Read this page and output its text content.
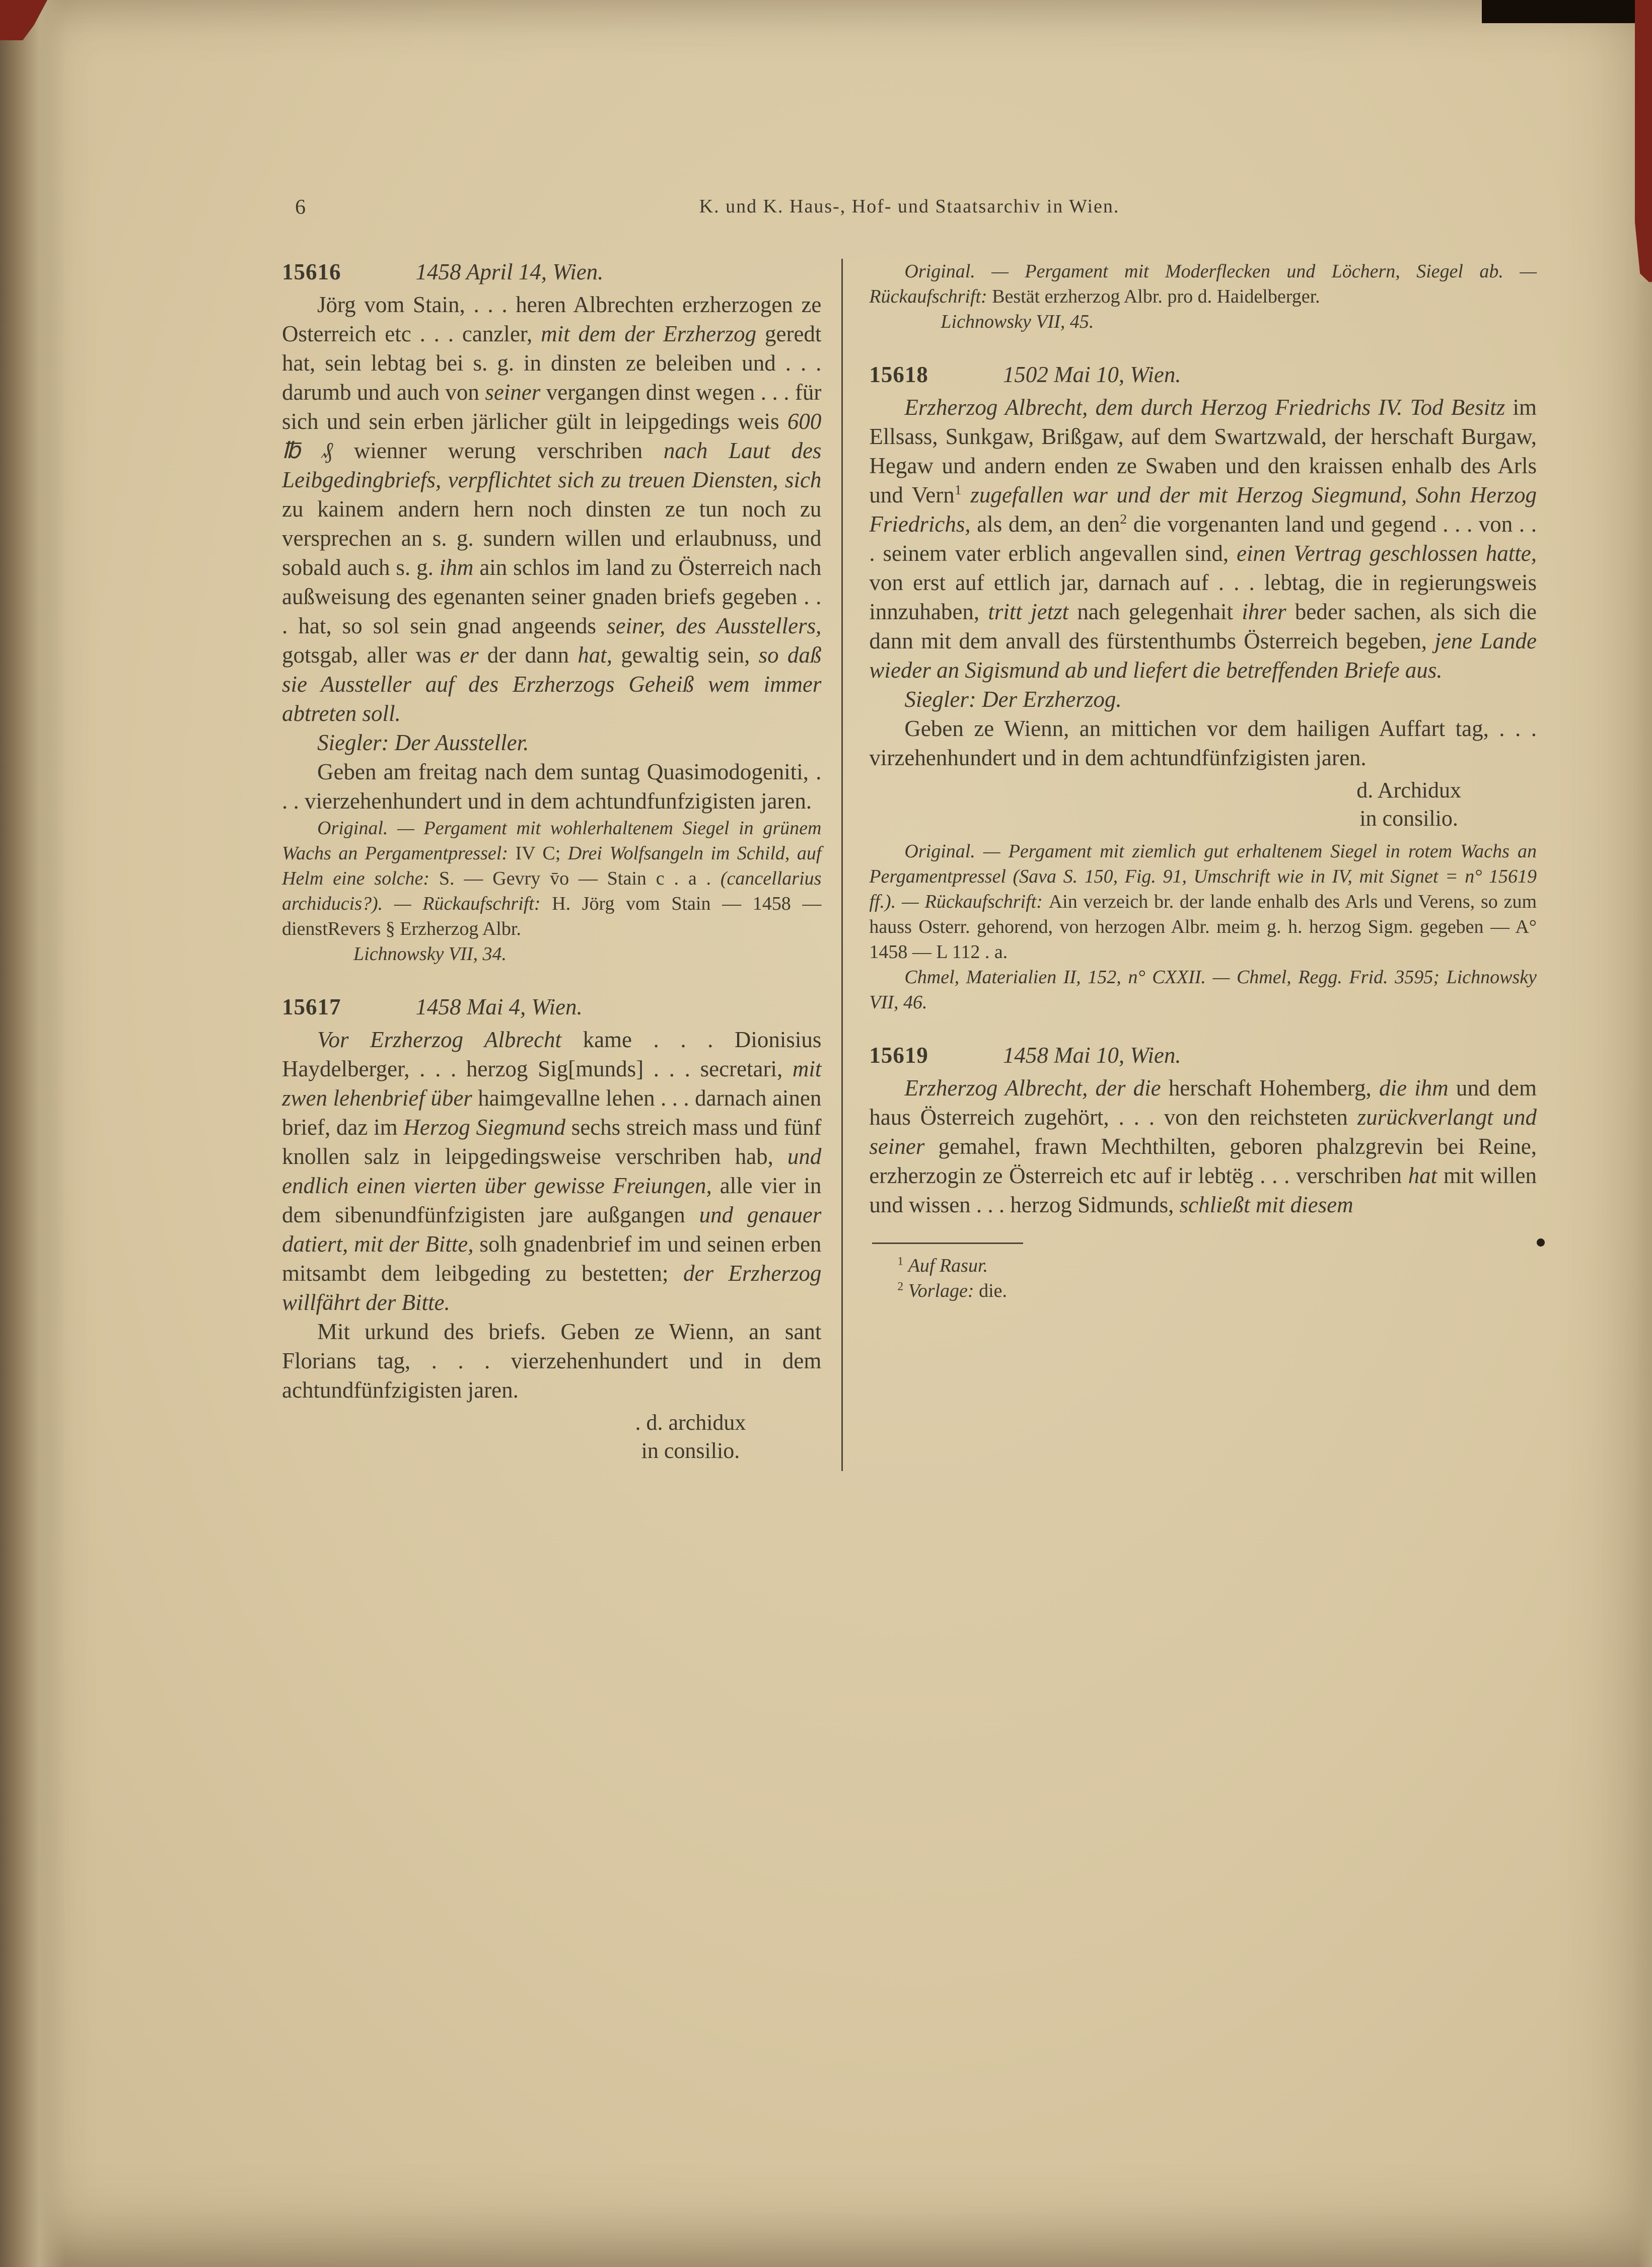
6	K. und K. Haus-, Hof- und Staatsarchiv in Wien.
15616	1458 April 14, Wien.

Jörg vom Stain, . . . heren Albrechten erzherzogen ze Osterreich etc . . . canzler, mit dem der Erzherzog geredt hat, sein lebtag bei s. g. in dinsten ze beleiben und . . . darumb und auch von seiner vergangen dinst wegen . . . für sich und sein erben järlicher gült in leipgedings weis 600 ℔ ₰ wienner werung verschriben nach Laut des Leibgedingbriefs, verpflichtet sich zu treuen Diensten, sich zu kainem andern hern noch dinsten ze tun noch zu versprechen an s. g. sundern willen und erlaubnuss, und sobald auch s. g. ihm ain schlos im land zu Österreich nach außweisung des egenanten seiner gnaden briefs gegeben . . . hat, so sol sein gnad angeends seiner, des Ausstellers, gotsgab, aller was er der dann hat, gewaltig sein, so daß sie Aussteller auf des Erzherzogs Geheiß wem immer abtreten soll.

Siegler: Der Aussteller.

Geben am freitag nach dem suntag Quasimodogeniti, . . . vierzehenhundert und in dem achtundfunfzigisten jaren.

Original. — Pergament mit wohlerhaltenem Siegel in grünem Wachs an Pergamentpressel: IV C; Drei Wolfsangeln im Schild, auf Helm eine solche: S. — Gevry v̄o — Stain c . a . (cancellarius archiducis?). — Rückaufschrift: H. Jörg vom Stain — 1458 — dienstRevers § Erzherzog Albr.

Lichnowsky VII, 34.

15617	1458 Mai 4, Wien.

Vor Erzherzog Albrecht kame . . . Dionisius Haydelberger, . . . herzog Sig[munds] . . . secretari, mit zwen lehenbrief über haimgevallne lehen . . . darnach ainen brief, daz im Herzog Siegmund sechs streich mass und fünf knollen salz in leipgedingsweise verschriben hab, und endlich einen vierten über gewisse Freiungen, alle vier in dem sibenundfünfzigisten jare außgangen und genauer datiert, mit der Bitte, solh gnadenbrief im und seinen erben mitsambt dem leibgeding zu bestetten; der Erzherzog willfährt der Bitte.

Mit urkund des briefs. Geben ze Wienn, an sant Florians tag, . . . vierzehenhundert und in dem achtundfünfzigisten jaren.

. d. archidux
in consilio.

Original. — Pergament mit Moderflecken und Löchern, Siegel ab. — Rückaufschrift: Bestät erzherzog Albr. pro d. Haidelberger.

Lichnowsky VII, 45.

15618	1502 Mai 10, Wien.

Erzherzog Albrecht, dem durch Herzog Friedrichs IV. Tod Besitz im Ellsass, Sunkgaw, Brißgaw, auf dem Swartzwald, der herschaft Burgaw, Hegaw und andern enden ze Swaben und den kraissen enhalb des Arls und Vern$^1$ zugefallen war und der mit Herzog Siegmund, Sohn Herzog Friedrichs, als dem, an den$^2$ die vorgenanten land und gegend . . . von . . . seinem vater erblich angevallen sind, einen Vertrag geschlossen hatte, von erst auf ettlich jar, darnach auf . . . lebtag, die in regierungsweis innzuhaben, tritt jetzt nach gelegenhait ihrer beder sachen, als sich die dann mit dem anvall des fürstenthumbs Österreich begeben, jene Lande wieder an Sigismund ab und liefert die betreffenden Briefe aus.

Siegler: Der Erzherzog.

Geben ze Wienn, an mittichen vor dem hailigen Auffart tag, . . . virzehenhundert und in dem achtundfünfzigisten jaren.

d. Archidux
in consilio.

Original. — Pergament mit ziemlich gut erhaltenem Siegel in rotem Wachs an Pergamentpressel (Sava S. 150, Fig. 91, Umschrift wie in IV, mit Signet = n° 15619 ff.). — Rückaufschrift: Ain verzeich br. der lande enhalb des Arls und Verens, so zum hauss Osterr. gehorend, von herzogen Albr. meim g. h. herzog Sigm. gegeben — A° 1458 — L 112 . a.

Chmel, Materialien II, 152, n° CXXII. — Chmel, Regg. Frid. 3595; Lichnowsky VII, 46.

15619	1458 Mai 10, Wien.

Erzherzog Albrecht, der die herschaft Hohemberg, die ihm und dem haus Österreich zugehört, . . . von den reichsteten zurückverlangt und seiner gemahel, frawn Mechthilten, geboren phalzgrevin bei Reine, erzherzogin ze Österreich etc auf ir lebtëg . . . verschriben hat mit willen und wissen . . . herzog Sidmunds, schließt mit diesem

$^1$ Auf Rasur.

$^2$ Vorlage: die.
